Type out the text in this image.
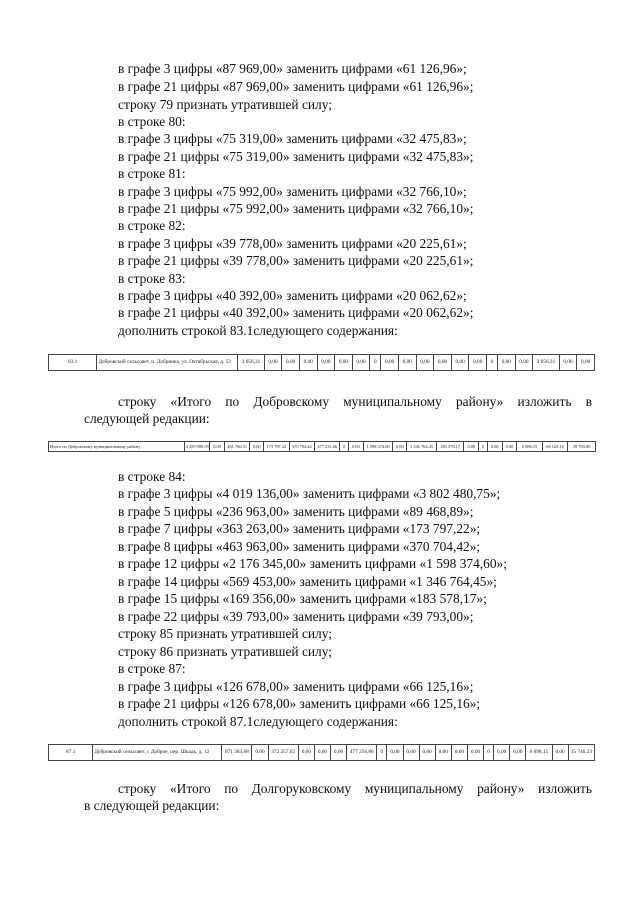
в графе 3 цифры «87 969,00» заменить цифрами «61 126,96»;
в графе 21 цифры «87 969,00» заменить цифрами «61 126,96»;
строку 79 признать утратившей силу;
в строке 80:
в графе 3 цифры «75 319,00» заменить цифрами «32 475,83»;
в графе 21 цифры «75 319,00» заменить цифрами «32 475,83»;
в строке 81:
в графе 3 цифры «75 992,00» заменить цифрами «32 766,10»;
в графе 21 цифры «75 992,00» заменить цифрами «32 766,10»;
в строке 82:
в графе 3 цифры «39 778,00» заменить цифрами «20 225,61»;
в графе 21 цифры «39 778,00» заменить цифрами «20 225,61»;
в строке 83:
в графе 3 цифры «40 392,00» заменить цифрами «20 062,62»;
в графе 21 цифры «40 392,00» заменить цифрами «20 062,62»;
дополнить строкой 83.1следующего содержания:
83.1	Добровский сельсовет, п. Добринка, ул. Октябрьская, д. 53	3 056,31	0,00	0,00	0,00	0,00	0,00	0,00	0	0,00	0,00	0,00	0,00	0,00	0,00	0	0,00	0,00	3 056,31	0,00	0,00
строку «Итого по Добровскому муниципальному району» изложить в
следующей редакции:
Итого по Добровскому муниципальному району	4 259 989,59	0,00	461 766,51	0,00	173 797,22	370 704,42	477 231,66	0	0,00	1 598 374,60	0,00	1 346 764,45	183 578,17	0,00	0	0,00	0,00	6 086,15	66 125,16	39 793,00
в строке 84:
в графе 3 цифры «4 019 136,00» заменить цифрами «3 802 480,75»;
в графе 5 цифры «236 963,00» заменить цифрами «89 468,89»;
в графе 7 цифры «363 263,00» заменить цифрами «173 797,22»;
в графе 8 цифры «463 963,00» заменить цифрами «370 704,42»;
в графе 12 цифры «2 176 345,00» заменить цифрами «1 598 374,60»;
в графе 14 цифры «569 453,00» заменить цифрами «1 346 764,45»;
в графе 15 цифры «169 356,00» заменить цифрами «183 578,17»;
в графе 22 цифры «39 793,00» заменить цифрами «39 793,00»;
строку 85 признать утратившей силу;
строку 86 признать утратившей силу;
в строке 87:
в графе 3 цифры «126 678,00» заменить цифрами «66 125,16»;
в графе 21 цифры «126 678,00» заменить цифрами «66 125,16»;
дополнить строкой 87.1следующего содержания:
87.1	Добровский сельсовет, с Доброе, пер. Шкадь, д. 12	871 383,68	0,00	372 257,62	0,00	0,00	0,00	477 256,86	0	0,00	0,00	0,00	0,00	0,00	0,00	0	0,00	0,00	6 098,15	0,00	15 746,23
строку «Итого по Долгоруковскому муниципальному району» изложить
в следующей редакции:
